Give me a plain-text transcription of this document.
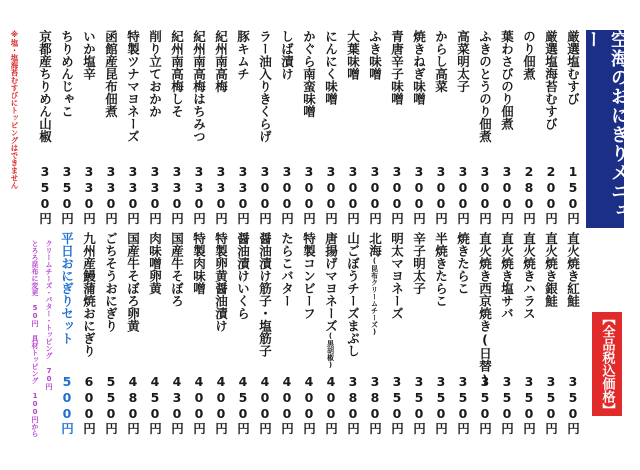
空海のおにぎりメニュー
【全品税込価格】
厳選塩むすび
150円
厳選塩海苔むすび
200円
のり佃煮
280円
葉わさびのり佃煮
300円
ふきのとうのり佃煮
300円
高菜明太子
300円
からし高菜
300円
焼きねぎ味噌
300円
青唐辛子味噌
300円
ふき味噌
300円
大葉味噌
300円
にんにく味噌
300円
かぐら南蛮味噌
300円
しば漬け
300円
ラー油入りきくらげ
300円
豚キムチ
330円
紀州南高梅
330円
紀州南高梅はちみつ
330円
紀州南高梅しそ
330円
削り立ておかか
330円
特製ツナマヨネーズ
330円
函館産昆布佃煮
330円
いか塩辛
330円
ちりめんじゃこ
350円
京都産ちりめん山椒
350円
※塩・塩海苔むすびにトッピングはできません
直火焼き紅鮭
350円
直火焼き銀鮭
350円
直火焼きハラス
350円
直火焼き塩サバ
350円
直火焼き西京焼き(日替)
350円
焼きたらこ
350円
半焼きたらこ
350円
辛子明太子
350円
明太マヨネーズ
350円
北海(昆布クリームチーズ)
380円
山ごぼうチーズまぶし
380円
唐揚げマヨネーズ(黒胡椒)
400円
特製コンビーフ
400円
たらこバター
400円
醤油漬け筋子・塩筋子
400円
醤油漬けいくら
450円
特製卵黄醤油漬け
400円
特製肉味噌
400円
国産牛そぼろ
430円
肉味噌卵黄
450円
国産牛そぼろ卵黄
480円
ごちそうおにぎり
550円
九州産鰻蒲焼おにぎり
600円
平日おにぎりセット
500円
クリームチーズ・バター・トッピング 70円
とろろ昆布に変更 50円 具材トッピング 100円から
